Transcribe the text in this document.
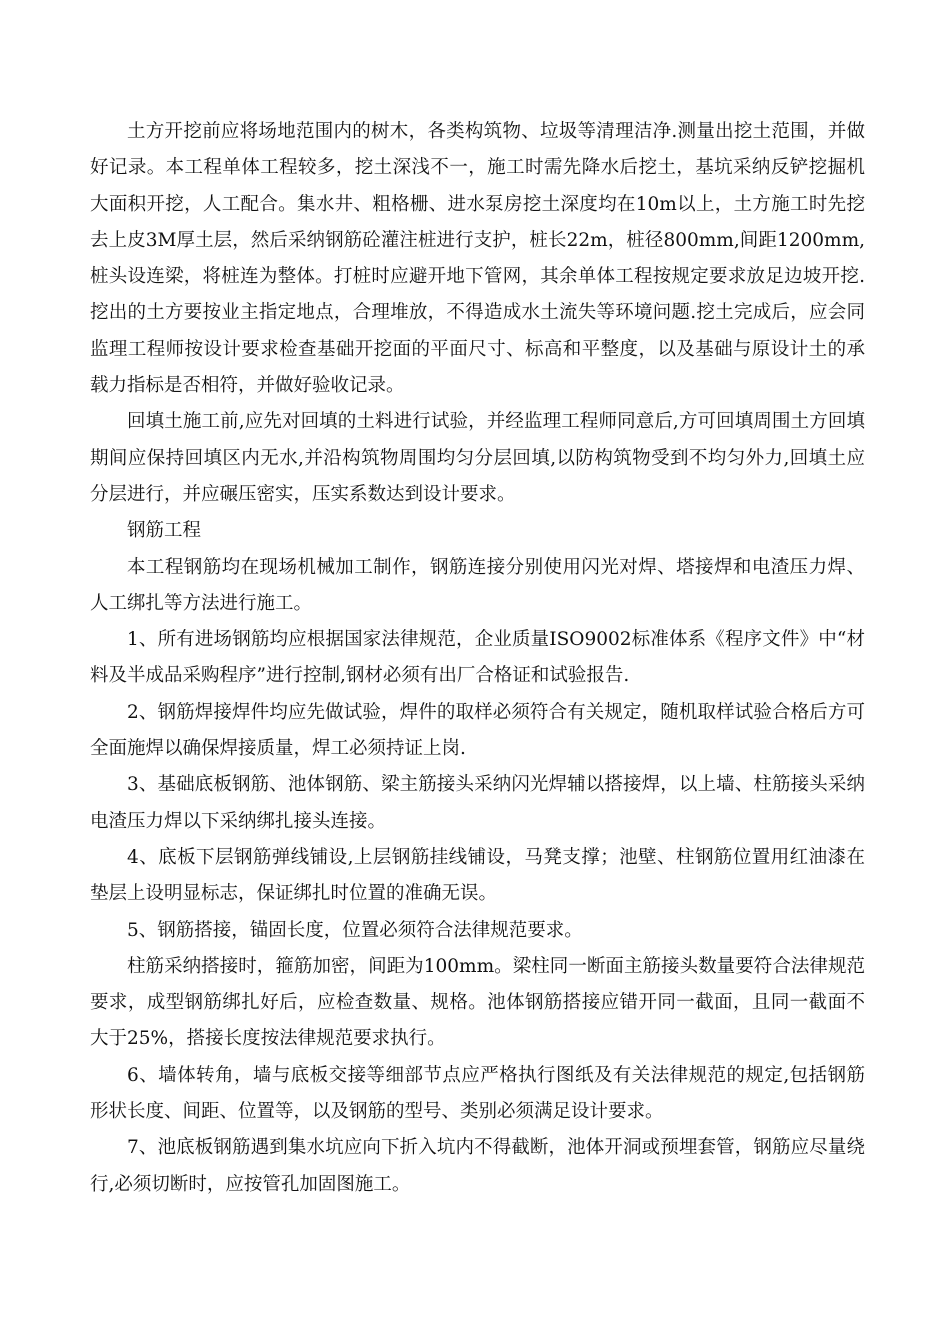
土方开挖前应将场地范围内的树木，各类构筑物、垃圾等清理洁净.测量出挖土范围，并做好记录。本工程单体工程较多，挖土深浅不一，施工时需先降水后挖土，基坑采纳反铲挖掘机大面积开挖，人工配合。集水井、粗格栅、进水泵房挖土深度均在10m以上，土方施工时先挖去上皮3M厚土层，然后采纳钢筋砼灌注桩进行支护，桩长22m，桩径800mm,间距1200mm,桩头设连梁，将桩连为整体。打桩时应避开地下管网，其余单体工程按规定要求放足边坡开挖.挖出的土方要按业主指定地点，合理堆放，不得造成水土流失等环境问题.挖土完成后，应会同监理工程师按设计要求检查基础开挖面的平面尺寸、标高和平整度，以及基础与原设计土的承载力指标是否相符，并做好验收记录。

回填土施工前,应先对回填的土料进行试验，并经监理工程师同意后,方可回填周围土方回填期间应保持回填区内无水,并沿构筑物周围均匀分层回填,以防构筑物受到不均匀外力,回填土应分层进行，并应碾压密实，压实系数达到设计要求。

钢筋工程

本工程钢筋均在现场机械加工制作，钢筋连接分别使用闪光对焊、塔接焊和电渣压力焊、人工绑扎等方法进行施工。

1、所有进场钢筋均应根据国家法律规范，企业质量ISO9002标准体系《程序文件》中“材料及半成品采购程序”进行控制,钢材必须有出厂合格证和试验报告.

2、钢筋焊接焊件均应先做试验，焊件的取样必须符合有关规定，随机取样试验合格后方可全面施焊以确保焊接质量，焊工必须持证上岗.

3、基础底板钢筋、池体钢筋、梁主筋接头采纳闪光焊辅以搭接焊，以上墙、柱筋接头采纳电渣压力焊以下采纳绑扎接头连接。

4、底板下层钢筋弹线铺设,上层钢筋挂线铺设，马凳支撑；池壁、柱钢筋位置用红油漆在垫层上设明显标志，保证绑扎时位置的准确无误。

5、钢筋搭接，锚固长度，位置必须符合法律规范要求。

柱筋采纳搭接时，箍筋加密，间距为100mm。梁柱同一断面主筋接头数量要符合法律规范要求，成型钢筋绑扎好后，应检查数量、规格。池体钢筋搭接应错开同一截面，且同一截面不大于25%，搭接长度按法律规范要求执行。

6、墙体转角，墙与底板交接等细部节点应严格执行图纸及有关法律规范的规定,包括钢筋形状长度、间距、位置等，以及钢筋的型号、类别必须满足设计要求。

7、池底板钢筋遇到集水坑应向下折入坑内不得截断，池体开洞或预埋套管，钢筋应尽量绕行,必须切断时，应按管孔加固图施工。
